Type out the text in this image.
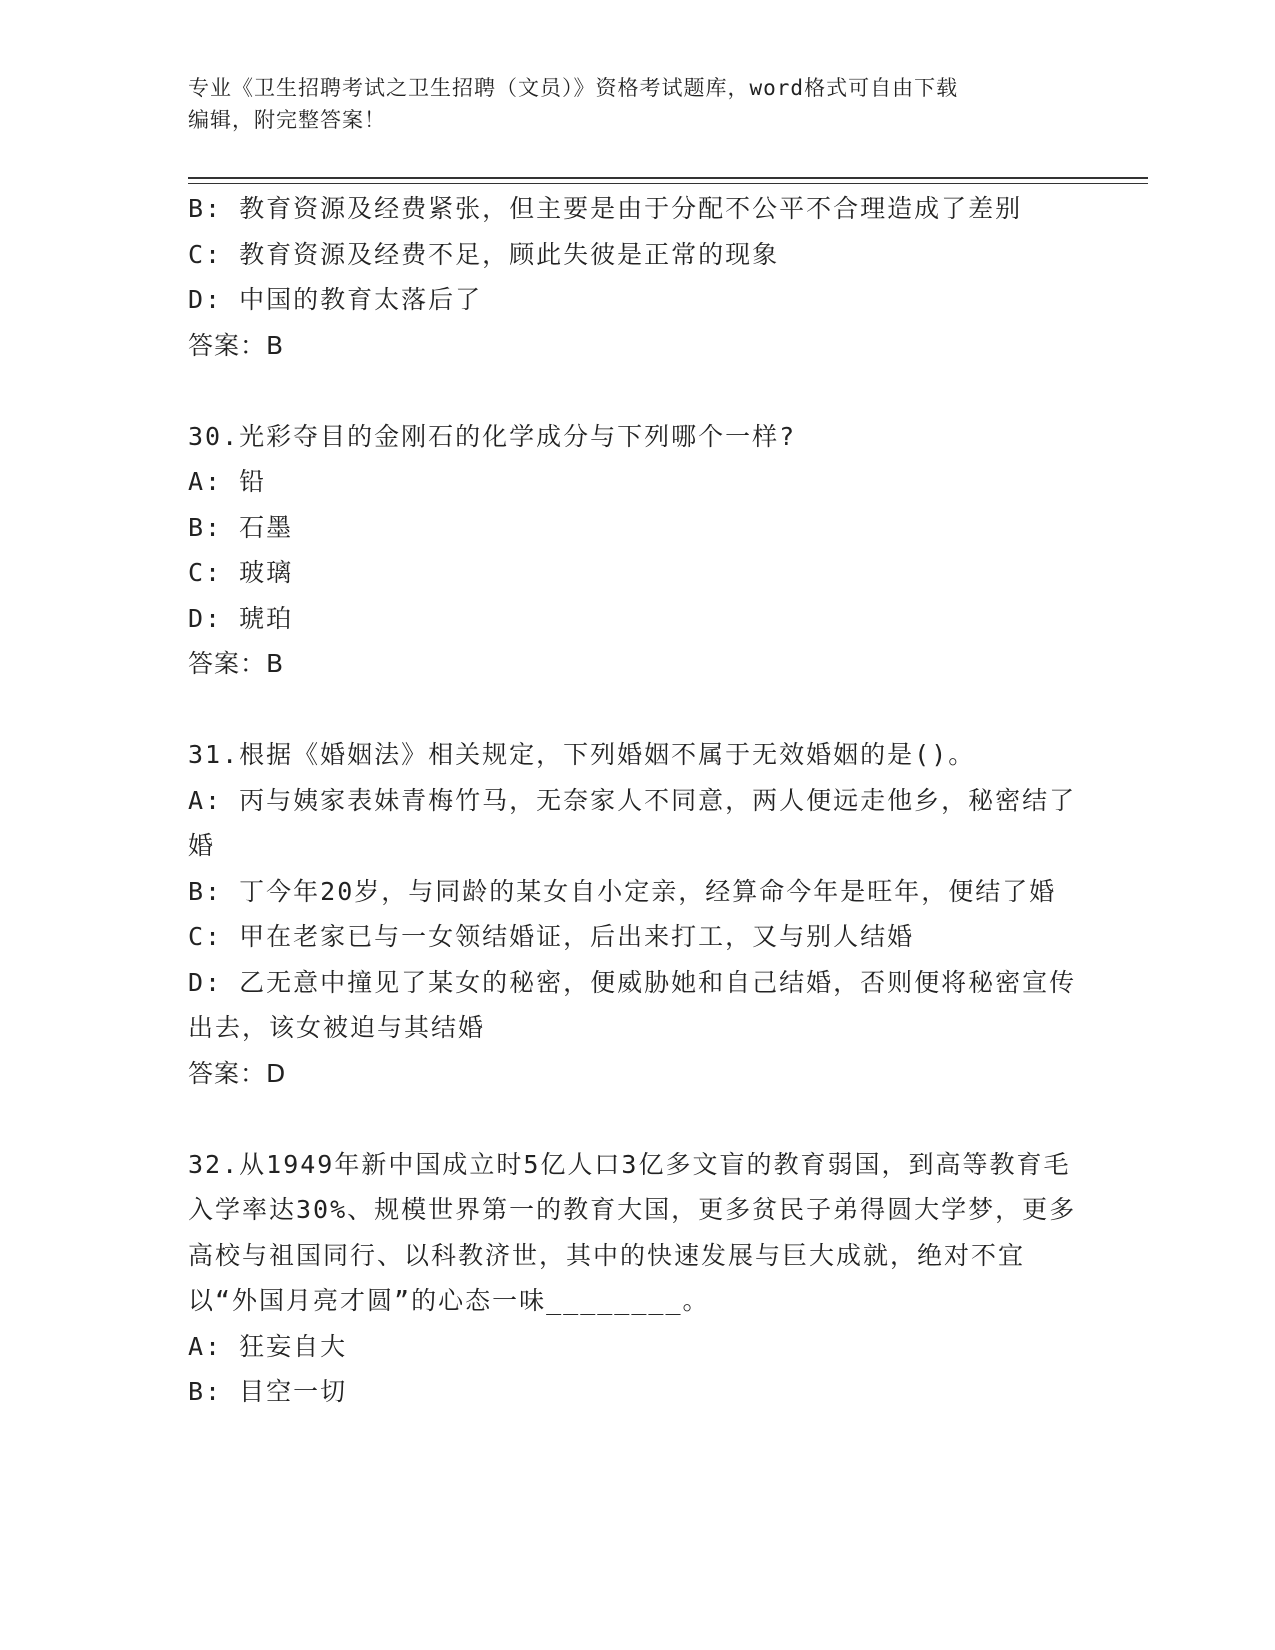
专业《卫生招聘考试之卫生招聘（文员）》资格考试题库，word格式可自由下载
编辑，附完整答案！

B: 教育资源及经费紧张，但主要是由于分配不公平不合理造成了差别

C: 教育资源及经费不足，顾此失彼是正常的现象

D: 中国的教育太落后了

答案：B

30.光彩夺目的金刚石的化学成分与下列哪个一样?

A: 铅

B: 石墨

C: 玻璃

D: 琥珀

答案：B

31.根据《婚姻法》相关规定，下列婚姻不属于无效婚姻的是()。

A: 丙与姨家表妹青梅竹马，无奈家人不同意，两人便远走他乡，秘密结了婚

B: 丁今年20岁，与同龄的某女自小定亲，经算命今年是旺年，便结了婚

C: 甲在老家已与一女领结婚证，后出来打工，又与别人结婚

D: 乙无意中撞见了某女的秘密，便威胁她和自己结婚，否则便将秘密宣传出去，该女被迫与其结婚

答案：D

32.从1949年新中国成立时5亿人口3亿多文盲的教育弱国，到高等教育毛入学率达30%、规模世界第一的教育大国，更多贫民子弟得圆大学梦，更多高校与祖国同行、以科教济世，其中的快速发展与巨大成就，绝对不宜以“外国月亮才圆”的心态一味________。

A: 狂妄自大

B: 目空一切
